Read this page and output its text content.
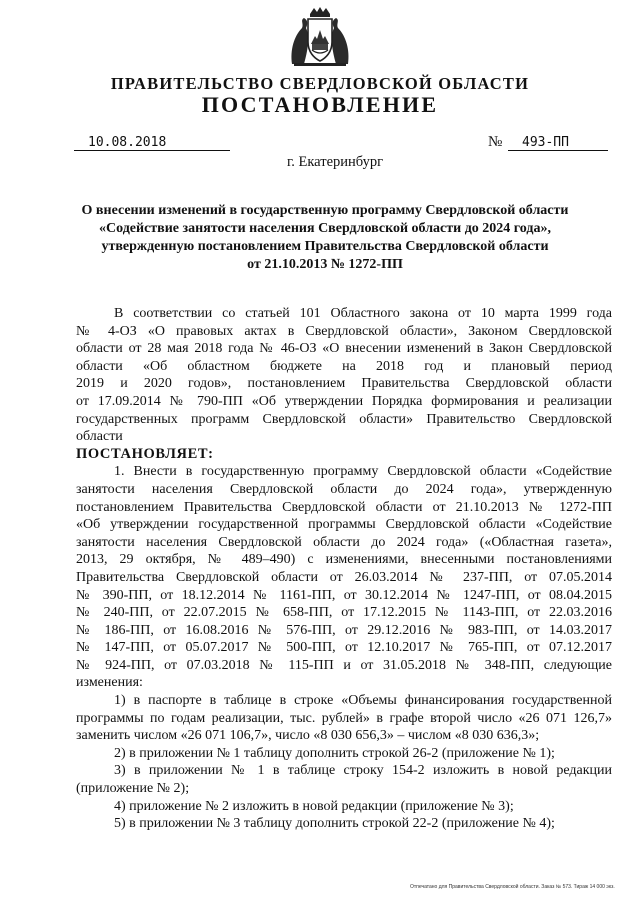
ПРАВИТЕЛЬСТВО СВЕРДЛОВСКОЙ ОБЛАСТИ
ПОСТАНОВЛЕНИЕ
10.08.2018	№	493-ПП
г. Екатеринбург
О внесении изменений в государственную программу Свердловской области
«Содействие занятости населения Свердловской области до 2024 года»,
утвержденную постановлением Правительства Свердловской области
от 21.10.2013 № 1272-ПП
В соответствии со статьей 101 Областного закона от 10 марта 1999 года
№ 4-ОЗ «О правовых актах в Свердловской области», Законом Свердловской
области от 28 мая 2018 года № 46-ОЗ «О внесении изменений в Закон Свердловской
области «Об областном бюджете на 2018 год и плановый период
2019 и 2020 годов», постановлением Правительства Свердловской области
от 17.09.2014 № 790-ПП «Об утверждении Порядка формирования и реализации
государственных программ Свердловской области» Правительство Свердловской
области
ПОСТАНОВЛЯЕТ:
1. Внести в государственную программу Свердловской области «Содействие
занятости населения Свердловской области до 2024 года», утвержденную
постановлением Правительства Свердловской области от 21.10.2013 № 1272-ПП
«Об утверждении государственной программы Свердловской области «Содействие
занятости населения Свердловской области до 2024 года» («Областная газета»,
2013, 29 октября, № 489–490) с изменениями, внесенными постановлениями
Правительства Свердловской области от 26.03.2014 № 237-ПП, от 07.05.2014
№ 390-ПП, от 18.12.2014 № 1161-ПП, от 30.12.2014 № 1247-ПП, от 08.04.2015
№ 240-ПП, от 22.07.2015 № 658-ПП, от 17.12.2015 № 1143-ПП, от 22.03.2016
№ 186-ПП, от 16.08.2016 № 576-ПП, от 29.12.2016 № 983-ПП, от 14.03.2017
№ 147-ПП, от 05.07.2017 № 500-ПП, от 12.10.2017 № 765-ПП, от 07.12.2017
№ 924-ПП, от 07.03.2018 № 115-ПП и от 31.05.2018 № 348-ПП, следующие
изменения:
1) в паспорте в таблице в строке «Объемы финансирования государственной
программы по годам реализации, тыс. рублей» в графе второй число «26 071 126,7»
заменить числом «26 071 106,7», число «8 030 656,3» – числом «8 030 636,3»;
2) в приложении № 1 таблицу дополнить строкой 26-2 (приложение № 1);
3) в приложении № 1 в таблице строку 154-2 изложить в новой редакции
(приложение № 2);
4) приложение № 2 изложить в новой редакции (приложение № 3);
5) в приложении № 3 таблицу дополнить строкой 22-2 (приложение № 4);
Отпечатано для Правительства Свердловской области. Заказ № 573. Тираж 14 000 экз.
